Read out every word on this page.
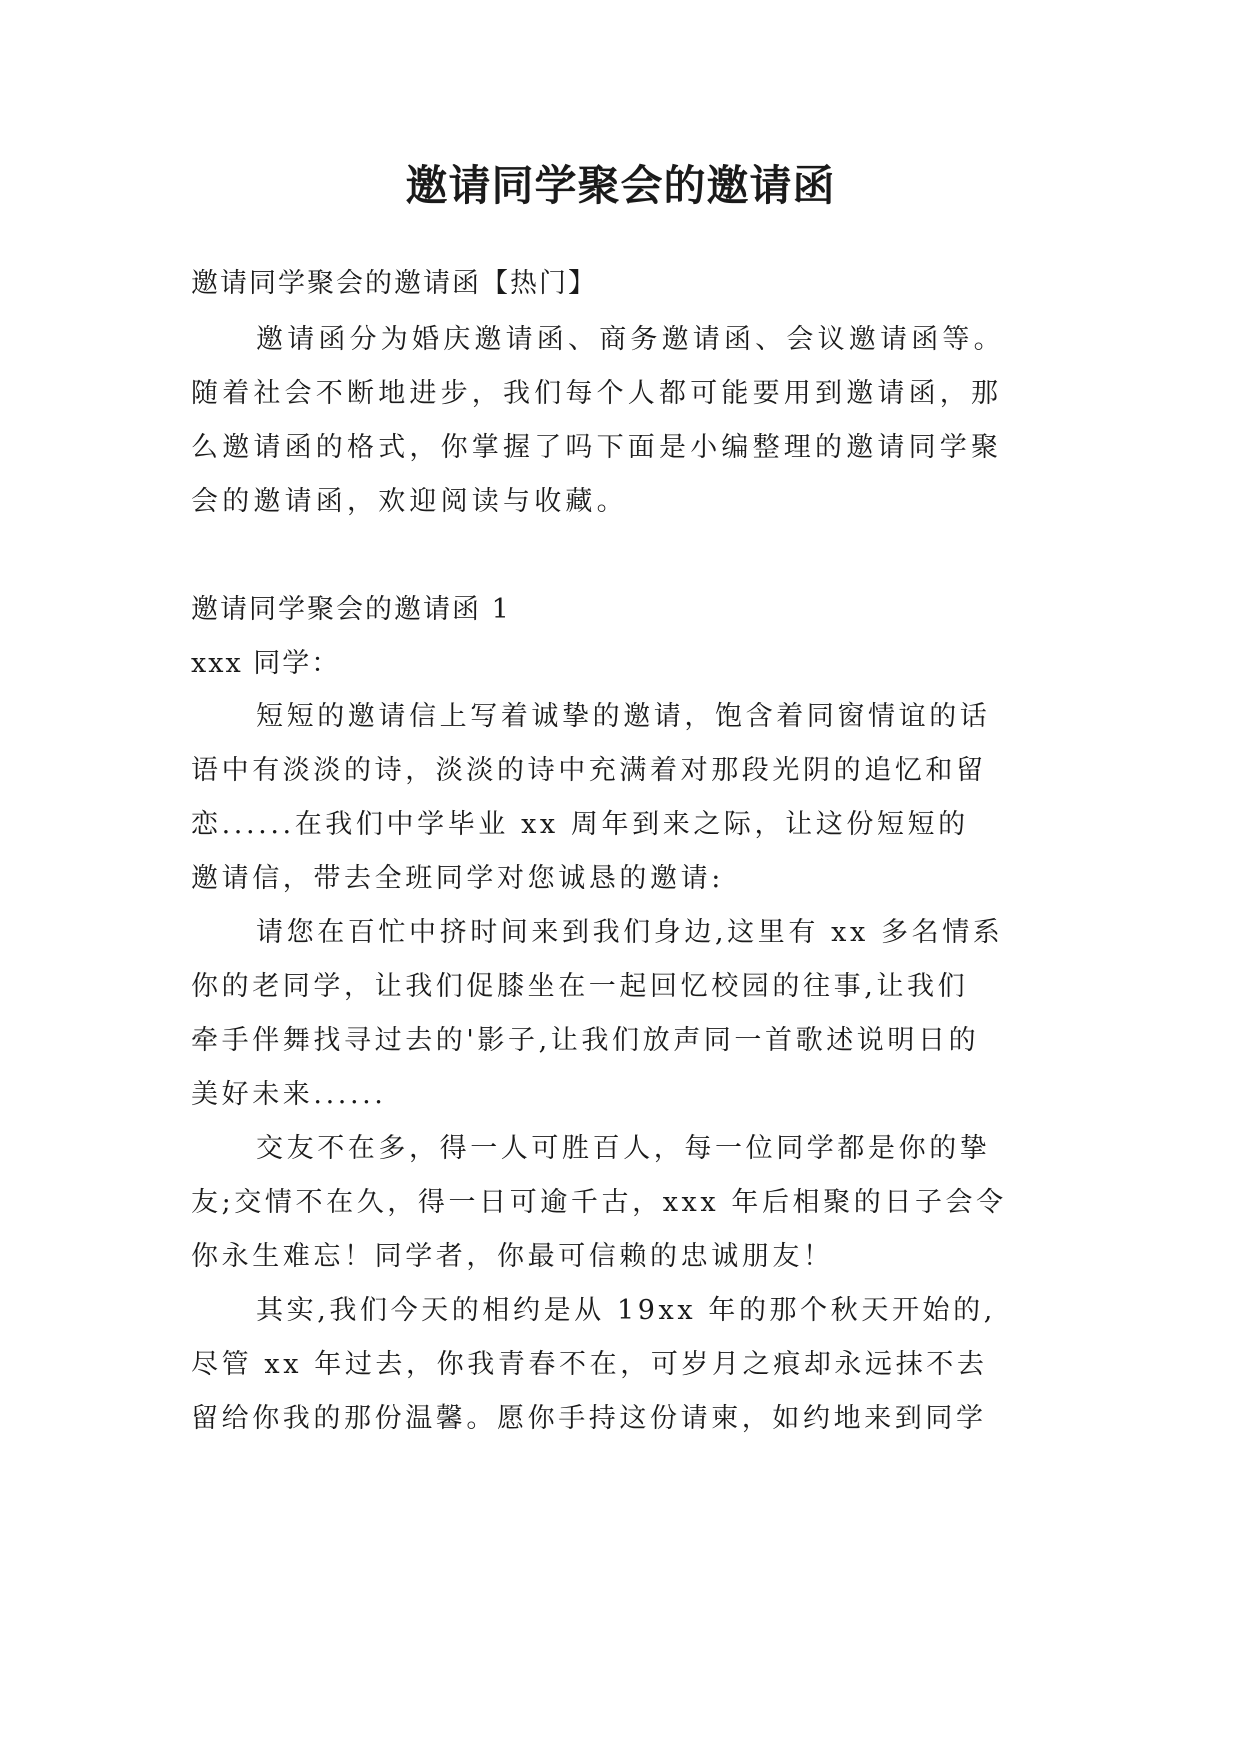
邀请同学聚会的邀请函
邀请同学聚会的邀请函【热门】
邀请函分为婚庆邀请函、商务邀请函、会议邀请函等。
随着社会不断地进步，我们每个人都可能要用到邀请函，那
么邀请函的格式，你掌握了吗下面是小编整理的邀请同学聚
会的邀请函，欢迎阅读与收藏。
邀请同学聚会的邀请函 1
xxx 同学：
短短的邀请信上写着诚挚的邀请，饱含着同窗情谊的话
语中有淡淡的诗，淡淡的诗中充满着对那段光阴的追忆和留
恋......在我们中学毕业 xx 周年到来之际，让这份短短的
邀请信，带去全班同学对您诚恳的邀请:
请您在百忙中挤时间来到我们身边,这里有 xx 多名情系
你的老同学，让我们促膝坐在一起回忆校园的往事,让我们
牵手伴舞找寻过去的'影子,让我们放声同一首歌述说明日的
美好未来......
交友不在多，得一人可胜百人，每一位同学都是你的挚
友;交情不在久，得一日可逾千古，xxx 年后相聚的日子会令
你永生难忘！同学者，你最可信赖的忠诚朋友！
其实,我们今天的相约是从 19xx 年的那个秋天开始的,
尽管 xx 年过去，你我青春不在，可岁月之痕却永远抹不去
留给你我的那份温馨。愿你手持这份请柬，如约地来到同学
